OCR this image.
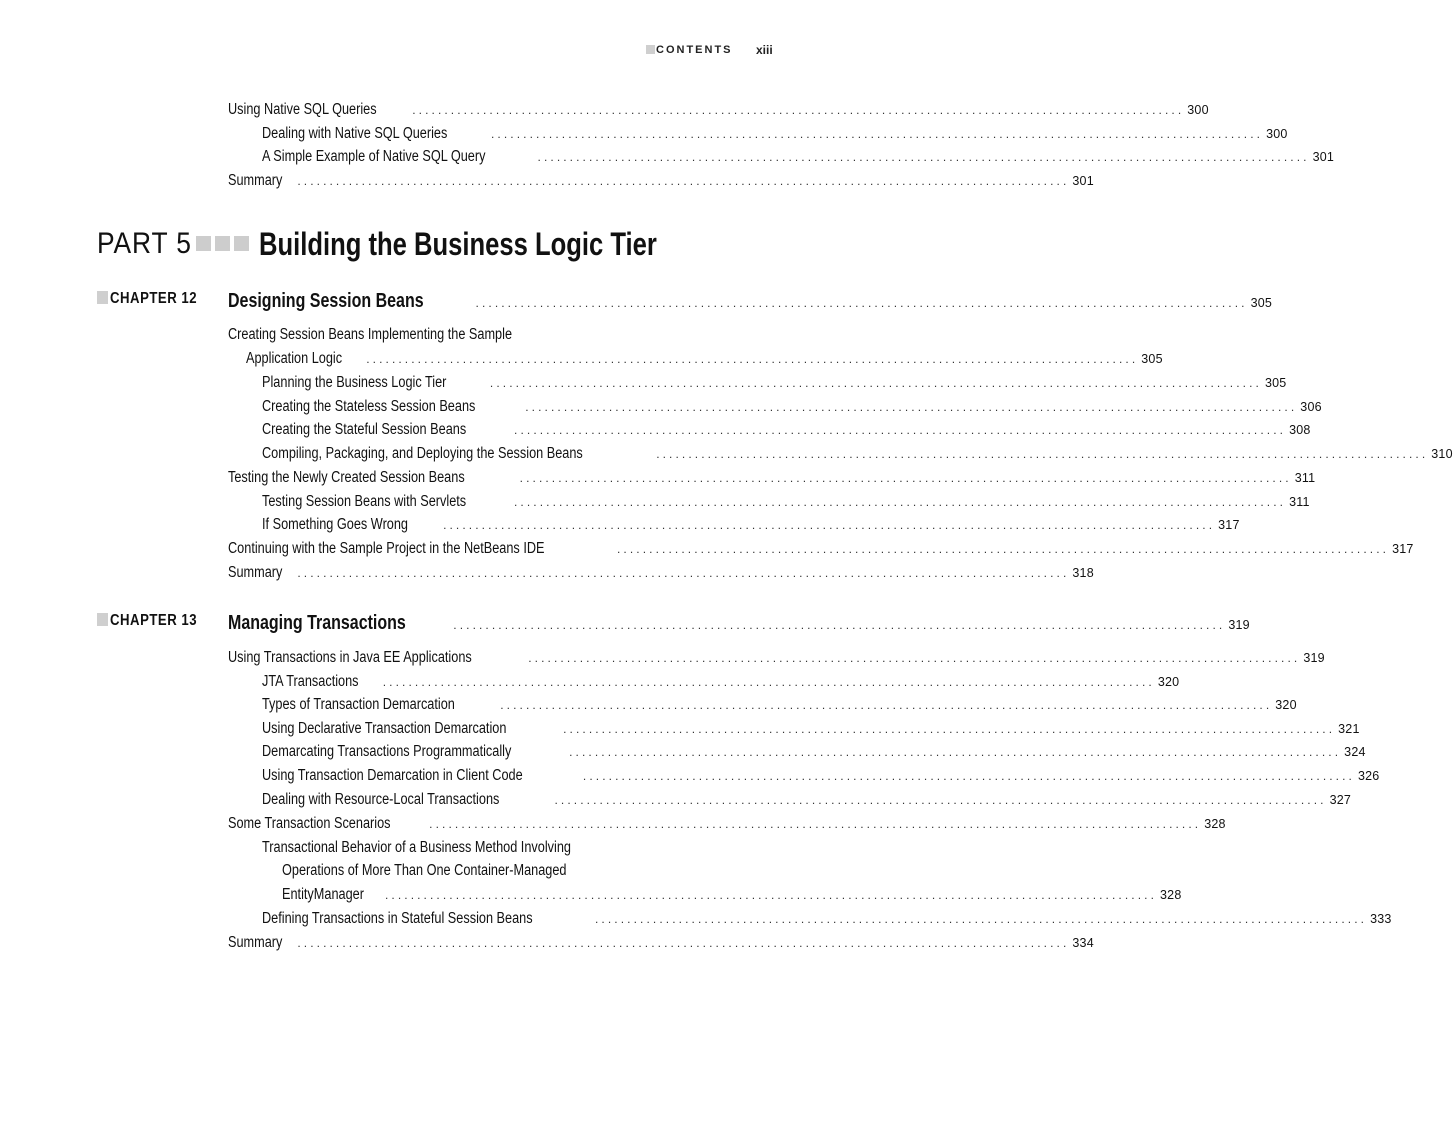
CONTENTS xiii
Using Native SQL Queries	........................................................................................................................ 300
Dealing with Native SQL Queries	........................................................................................................................ 300
A Simple Example of Native SQL Query	........................................................................................................................ 301
Summary ........................................................................................................................ 301
PART 5	Building the Business Logic Tier
CHAPTER 12	Designing Session Beans	........................................................................................................................ 305
Creating Session Beans Implementing the Sample
Application Logic ........................................................................................................................ 305
Planning the Business Logic Tier	........................................................................................................................ 305
Creating the Stateless Session Beans	........................................................................................................................ 306
Creating the Stateful Session Beans	........................................................................................................................ 308
Compiling, Packaging, and Deploying the Session Beans	........................................................................................................................ 310
Testing the Newly Created Session Beans	........................................................................................................................ 311
Testing Session Beans with Servlets	........................................................................................................................ 311
If Something Goes Wrong	........................................................................................................................ 317
Continuing with the Sample Project in the NetBeans IDE	........................................................................................................................ 317
Summary ........................................................................................................................ 318
CHAPTER 13	Managing Transactions	........................................................................................................................ 319
Using Transactions in Java EE Applications	........................................................................................................................ 319
JTA Transactions ........................................................................................................................ 320
Types of Transaction Demarcation	........................................................................................................................ 320
Using Declarative Transaction Demarcation	........................................................................................................................ 321
Demarcating Transactions Programmatically	........................................................................................................................ 324
Using Transaction Demarcation in Client Code	........................................................................................................................ 326
Dealing with Resource-Local Transactions	........................................................................................................................ 327
Some Transaction Scenarios	........................................................................................................................ 328
Transactional Behavior of a Business Method Involving
Operations of More Than One Container-Managed
EntityManager ........................................................................................................................ 328
Defining Transactions in Stateful Session Beans	........................................................................................................................ 333
Summary ........................................................................................................................ 334
